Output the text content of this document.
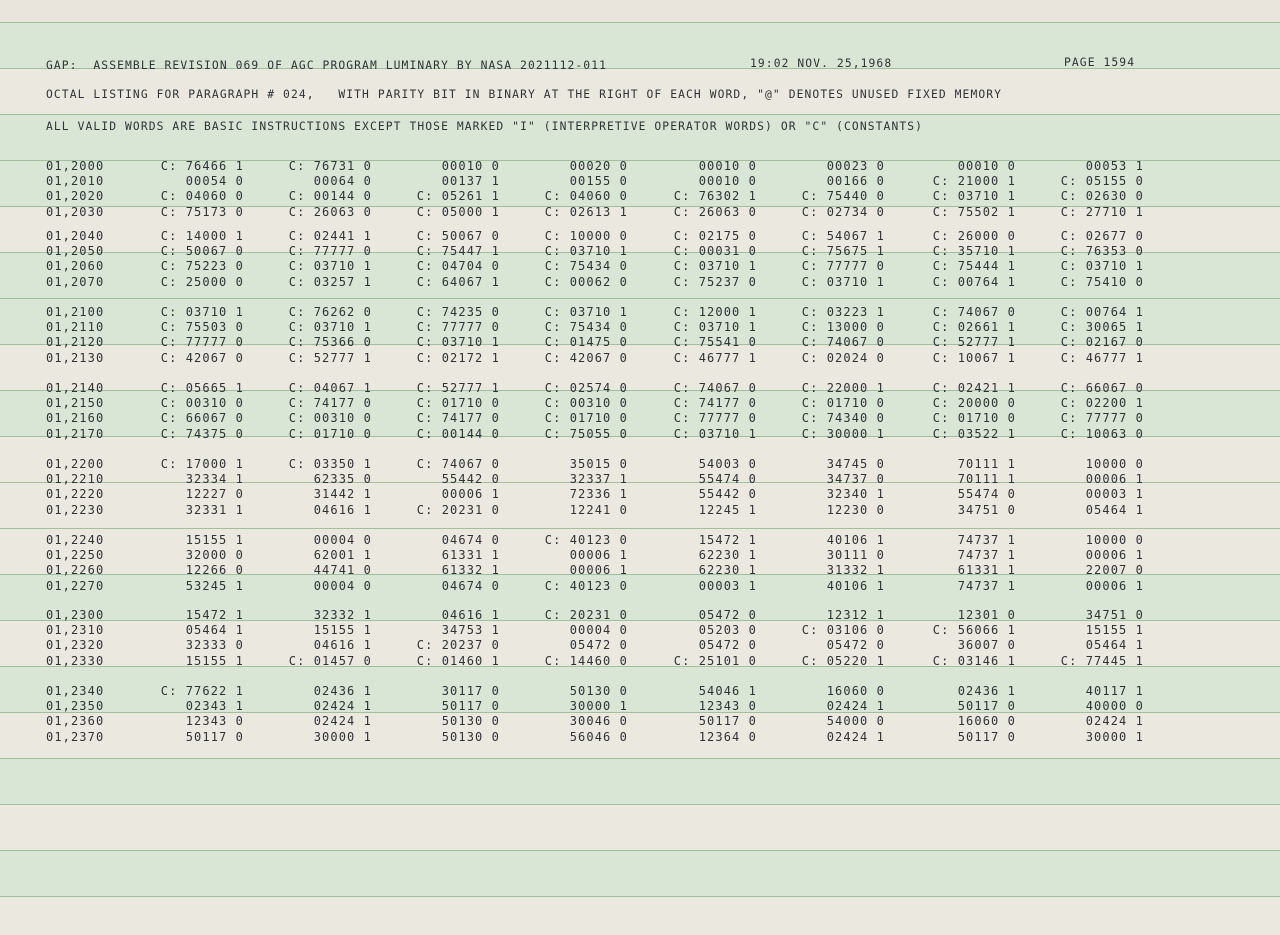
GAP:  ASSEMBLE REVISION 069 OF AGC PROGRAM LUMINARY BY NASA 2021112-011	19:02 NOV. 25,1968	PAGE 1594
OCTAL LISTING FOR PARAGRAPH # 024,   WITH PARITY BIT IN BINARY AT THE RIGHT OF EACH WORD, "@" DENOTES UNUSED FIXED MEMORY
ALL VALID WORDS ARE BASIC INSTRUCTIONS EXCEPT THOSE MARKED "I" (INTERPRETIVE OPERATOR WORDS) OR "C" (CONSTANTS)
01,2000	C: 76466 1	C: 76731 0	00010 0	00020 0	00010 0	00023 0	00010 0	00053 1
01,2010	00054 0	00064 0	00137 1	00155 0	00010 0	00166 0	C: 21000 1	C: 05155 0
01,2020	C: 04060 0	C: 00144 0	C: 05261 1	C: 04060 0	C: 76302 1	C: 75440 0	C: 03710 1	C: 02630 0
01,2030	C: 75173 0	C: 26063 0	C: 05000 1	C: 02613 1	C: 26063 0	C: 02734 0	C: 75502 1	C: 27710 1
01,2040	C: 14000 1	C: 02441 1	C: 50067 0	C: 10000 0	C: 02175 0	C: 54067 1	C: 26000 0	C: 02677 0
01,2050	C: 50067 0	C: 77777 0	C: 75447 1	C: 03710 1	C: 00031 0	C: 75675 1	C: 35710 1	C: 76353 0
01,2060	C: 75223 0	C: 03710 1	C: 04704 0	C: 75434 0	C: 03710 1	C: 77777 0	C: 75444 1	C: 03710 1
01,2070	C: 25000 0	C: 03257 1	C: 64067 1	C: 00062 0	C: 75237 0	C: 03710 1	C: 00764 1	C: 75410 0
01,2100	C: 03710 1	C: 76262 0	C: 74235 0	C: 03710 1	C: 12000 1	C: 03223 1	C: 74067 0	C: 00764 1
01,2110	C: 75503 0	C: 03710 1	C: 77777 0	C: 75434 0	C: 03710 1	C: 13000 0	C: 02661 1	C: 30065 1
01,2120	C: 77777 0	C: 75366 0	C: 03710 1	C: 01475 0	C: 75541 0	C: 74067 0	C: 52777 1	C: 02167 0
01,2130	C: 42067 0	C: 52777 1	C: 02172 1	C: 42067 0	C: 46777 1	C: 02024 0	C: 10067 1	C: 46777 1
01,2140	C: 05665 1	C: 04067 1	C: 52777 1	C: 02574 0	C: 74067 0	C: 22000 1	C: 02421 1	C: 66067 0
01,2150	C: 00310 0	C: 74177 0	C: 01710 0	C: 00310 0	C: 74177 0	C: 01710 0	C: 20000 0	C: 02200 1
01,2160	C: 66067 0	C: 00310 0	C: 74177 0	C: 01710 0	C: 77777 0	C: 74340 0	C: 01710 0	C: 77777 0
01,2170	C: 74375 0	C: 01710 0	C: 00144 0	C: 75055 0	C: 03710 1	C: 30000 1	C: 03522 1	C: 10063 0
01,2200	C: 17000 1	C: 03350 1	C: 74067 0	35015 0	54003 0	34745 0	70111 1	10000 0
01,2210	32334 1	62335 0	55442 0	32337 1	55474 0	34737 0	70111 1	00006 1
01,2220	12227 0	31442 1	00006 1	72336 1	55442 0	32340 1	55474 0	00003 1
01,2230	32331 1	04616 1	C: 20231 0	12241 0	12245 1	12230 0	34751 0	05464 1
01,2240	15155 1	00004 0	04674 0	C: 40123 0	15472 1	40106 1	74737 1	10000 0
01,2250	32000 0	62001 1	61331 1	00006 1	62230 1	30111 0	74737 1	00006 1
01,2260	12266 0	44741 0	61332 1	00006 1	62230 1	31332 1	61331 1	22007 0
01,2270	53245 1	00004 0	04674 0	C: 40123 0	00003 1	40106 1	74737 1	00006 1
01,2300	15472 1	32332 1	04616 1	C: 20231 0	05472 0	12312 1	12301 0	34751 0
01,2310	05464 1	15155 1	34753 1	00004 0	05203 0	C: 03106 0	C: 56066 1	15155 1
01,2320	32333 0	04616 1	C: 20237 0	05472 0	05472 0	05472 0	36007 0	05464 1
01,2330	15155 1	C: 01457 0	C: 01460 1	C: 14460 0	C: 25101 0	C: 05220 1	C: 03146 1	C: 77445 1
01,2340	C: 77622 1	02436 1	30117 0	50130 0	54046 1	16060 0	02436 1	40117 1
01,2350	02343 1	02424 1	50117 0	30000 1	12343 0	02424 1	50117 0	40000 0
01,2360	12343 0	02424 1	50130 0	30046 0	50117 0	54000 0	16060 0	02424 1
01,2370	50117 0	30000 1	50130 0	56046 0	12364 0	02424 1	50117 0	30000 1
